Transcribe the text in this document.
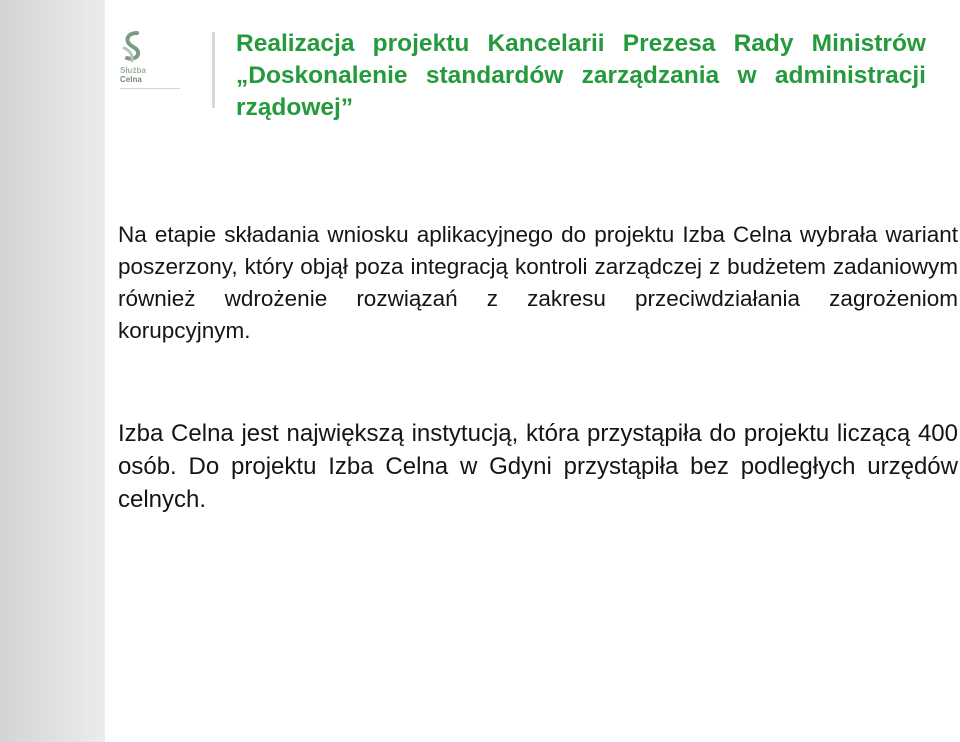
Służba
Celna
Realizacja projektu Kancelarii Prezesa Rady Ministrów „Doskonalenie standardów zarządzania w administracji rządowej”

Na etapie składania wniosku aplikacyjnego do projektu Izba Celna wybrała wariant poszerzony, który objął poza integracją kontroli zarządczej z budżetem zadaniowym również wdrożenie rozwiązań z zakresu przeciwdziałania zagrożeniom korupcyjnym.

Izba Celna jest największą instytucją, która przystąpiła do projektu liczącą 400 osób. Do projektu Izba Celna w Gdyni przystąpiła bez podległych urzędów celnych.
